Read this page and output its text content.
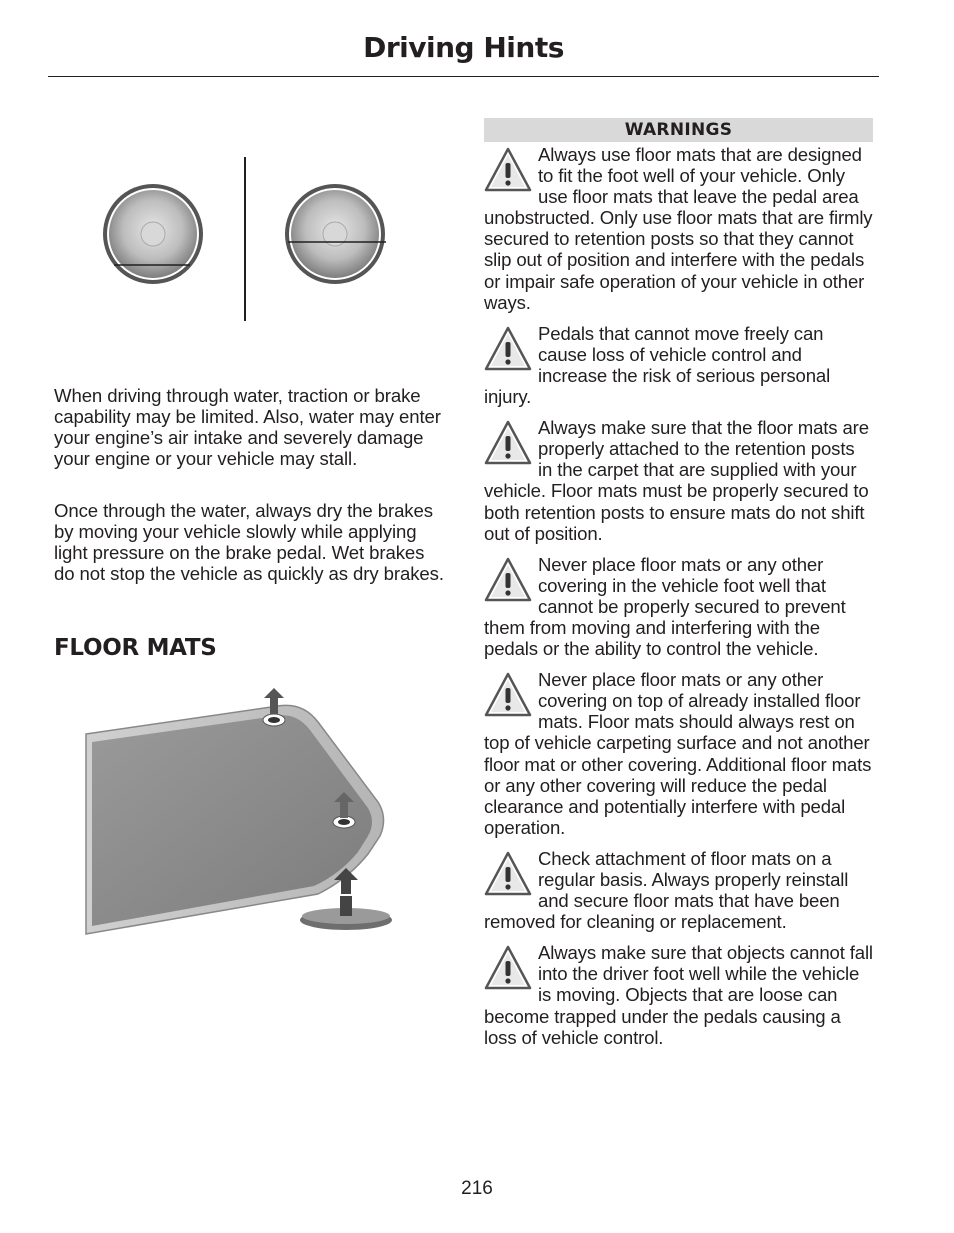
Driving Hints

When driving through water, traction or brake capability may be limited. Also, water may enter your engine’s air intake and severely damage your engine or your vehicle may stall.

Once through the water, always dry the brakes by moving your vehicle slowly while applying light pressure on the brake pedal. Wet brakes do not stop the vehicle as quickly as dry brakes.

FLOOR MATS
WARNINGS
Always use floor mats that are designed to fit the foot well of your vehicle. Only use floor mats that leave the pedal area unobstructed. Only use floor mats that are firmly secured to retention posts so that they cannot slip out of position and interfere with the pedals or impair safe operation of your vehicle in other ways.
Pedals that cannot move freely can cause loss of vehicle control and increase the risk of serious personal injury.
Always make sure that the floor mats are properly attached to the retention posts in the carpet that are supplied with your vehicle. Floor mats must be properly secured to both retention posts to ensure mats do not shift out of position.
Never place floor mats or any other covering in the vehicle foot well that cannot be properly secured to prevent them from moving and interfering with the pedals or the ability to control the vehicle.
Never place floor mats or any other covering on top of already installed floor mats. Floor mats should always rest on top of vehicle carpeting surface and not another floor mat or other covering. Additional floor mats or any other covering will reduce the pedal clearance and potentially interfere with pedal operation.
Check attachment of floor mats on a regular basis. Always properly reinstall and secure floor mats that have been removed for cleaning or replacement.
Always make sure that objects cannot fall into the driver foot well while the vehicle is moving. Objects that are loose can become trapped under the pedals causing a loss of vehicle control.
216
